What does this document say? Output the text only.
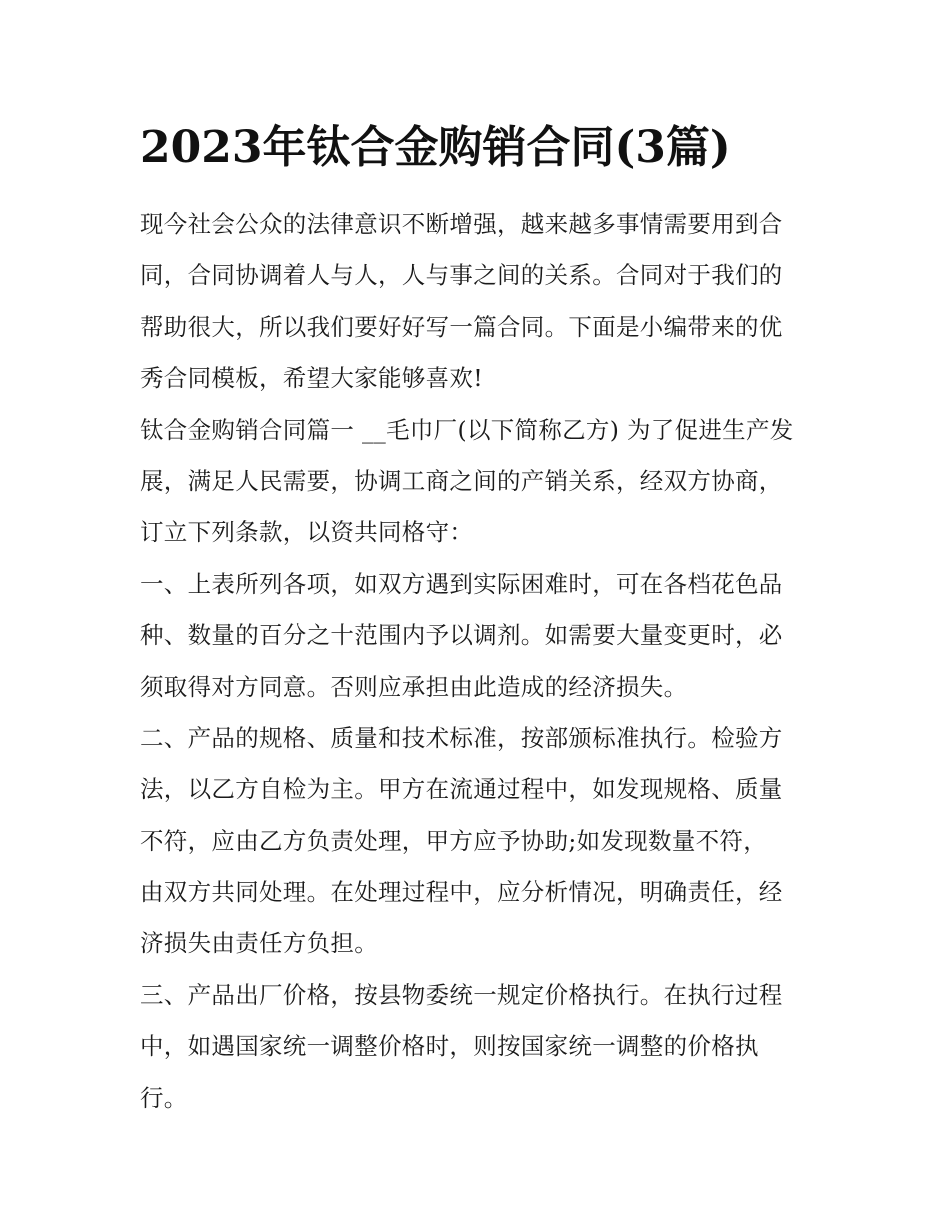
2023年钛合金购销合同(3篇)
现今社会公众的法律意识不断增强，越来越多事情需要用到合
同，合同协调着人与人，人与事之间的关系。合同对于我们的
帮助很大，所以我们要好好写一篇合同。下面是小编带来的优
秀合同模板，希望大家能够喜欢!
钛合金购销合同篇一 __毛巾厂(以下简称乙方) 为了促进生产发
展，满足人民需要，协调工商之间的产销关系，经双方协商，
订立下列条款，以资共同格守：
一、上表所列各项，如双方遇到实际困难时，可在各档花色品
种、数量的百分之十范围内予以调剂。如需要大量变更时，必
须取得对方同意。否则应承担由此造成的经济损失。
二、产品的规格、质量和技术标准，按部颁标准执行。检验方
法，以乙方自检为主。甲方在流通过程中，如发现规格、质量
不符，应由乙方负责处理，甲方应予协助;如发现数量不符，
由双方共同处理。在处理过程中，应分析情况，明确责任，经
济损失由责任方负担。
三、产品出厂价格，按县物委统一规定价格执行。在执行过程
中，如遇国家统一调整价格时，则按国家统一调整的价格执
行。
